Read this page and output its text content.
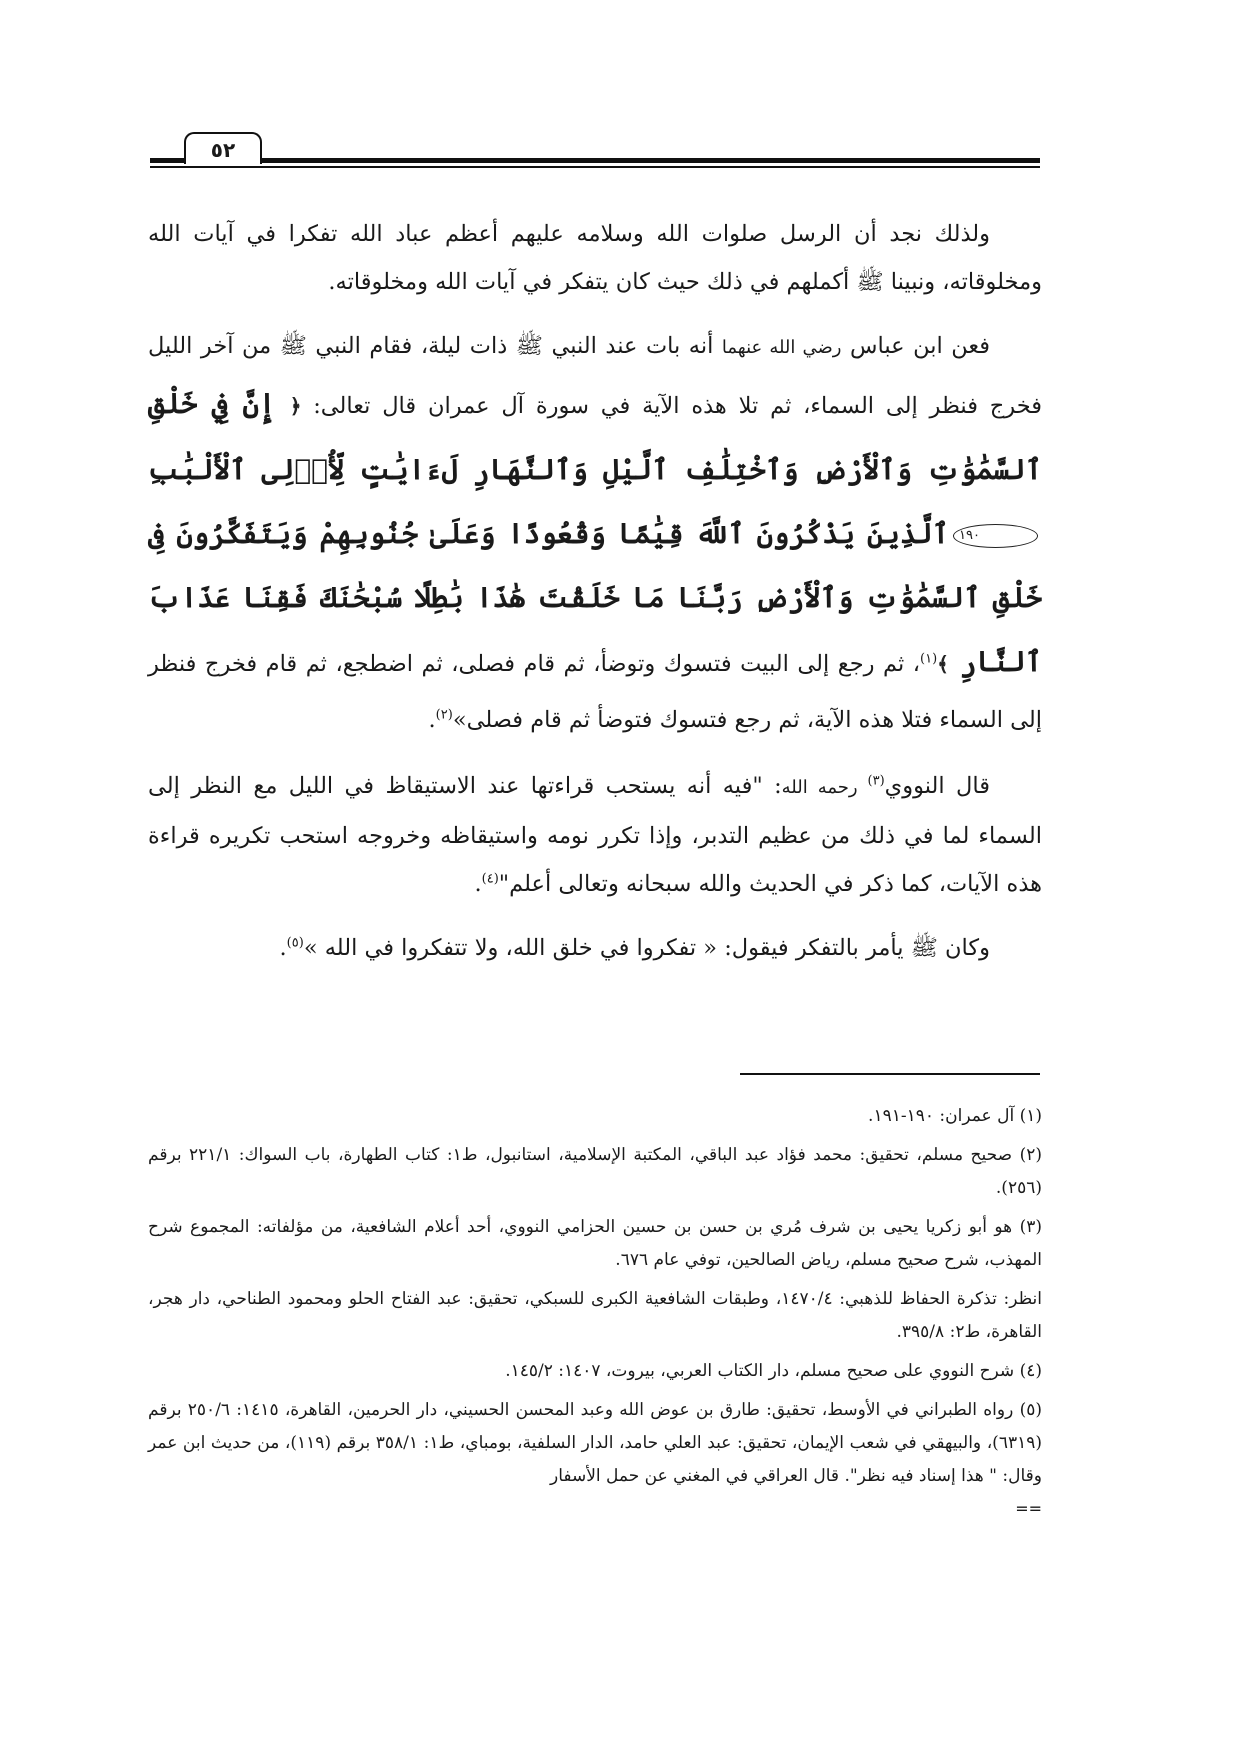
٥٢

ولذلك نجد أن الرسل صلوات الله وسلامه عليهم أعظم عباد الله تفكرا في آيات الله ومخلوقاته، ونبينا ﷺ أكملهم في ذلك حيث كان يتفكر في آيات الله ومخلوقاته.

فعن ابن عباس رضي الله عنهما أنه بات عند النبي ﷺ ذات ليلة، فقام النبي ﷺ من آخر الليل فخرج فنظر إلى السماء، ثم تلا هذه الآية في سورة آل عمران قال تعالى: ﴿ إِنَّ فِي خَلْقِ ٱلسَّمَٰوَٰتِ وَٱلْأَرْضِ وَٱخْتِلَٰفِ ٱلَّيْلِ وَٱلنَّهَارِ لَءَايَٰتٍ لِّأُو۟لِى ٱلْأَلْبَٰبِ١٩٠ٱلَّذِينَ يَذْكُرُونَ ٱللَّهَ قِيَٰمًا وَقُعُودًا وَعَلَىٰ جُنُوبِهِمْ وَيَتَفَكَّرُونَ فِى خَلْقِ ٱلسَّمَٰوَٰتِ وَٱلْأَرْضِ رَبَّنَا مَا خَلَقْتَ هَٰذَا بَٰطِلًا سُبْحَٰنَكَ فَقِنَا عَذَابَ ٱلنَّارِ ﴾$^{(١)}$، ثم رجع إلى البيت فتسوك وتوضأ، ثم قام فصلى، ثم اضطجع، ثم قام فخرج فنظر إلى السماء فتلا هذه الآية، ثم رجع فتسوك فتوضأ ثم قام فصلى»$^{(٢)}$.

قال النووي$^{(٣)}$ رحمه الله: "فيه أنه يستحب قراءتها عند الاستيقاظ في الليل مع النظر إلى السماء لما في ذلك من عظيم التدبر، وإذا تكرر نومه واستيقاظه وخروجه استحب تكريره قراءة هذه الآيات، كما ذكر في الحديث والله سبحانه وتعالى أعلم"$^{(٤)}$.

وكان ﷺ يأمر بالتفكر فيقول: « تفكروا في خلق الله، ولا تتفكروا في الله »$^{(٥)}$.

(١) آل عمران: ١٩٠-١٩١.

(٢) صحيح مسلم، تحقيق: محمد فؤاد عبد الباقي، المكتبة الإسلامية، استانبول، ط١: كتاب الطهارة، باب السواك: ٢٢١/١ برقم (٢٥٦).

(٣) هو أبو زكريا يحيى بن شرف مُري بن حسن بن حسين الحزامي النووي، أحد أعلام الشافعية، من مؤلفاته: المجموع شرح المهذب، شرح صحيح مسلم، رياض الصالحين، توفي عام ٦٧٦.

انظر: تذكرة الحفاظ للذهبي: ١٤٧٠/٤، وطبقات الشافعية الكبرى للسبكي، تحقيق: عبد الفتاح الحلو ومحمود الطناحي، دار هجر، القاهرة، ط٢: ٣٩٥/٨.

(٤) شرح النووي على صحيح مسلم، دار الكتاب العربي، بيروت، ١٤٠٧: ١٤٥/٢.

(٥) رواه الطبراني في الأوسط، تحقيق: طارق بن عوض الله وعبد المحسن الحسيني، دار الحرمين، القاهرة، ١٤١٥: ٢٥٠/٦ برقم (٦٣١٩)، والبيهقي في شعب الإيمان، تحقيق: عبد العلي حامد، الدار السلفية، بومباي، ط١: ٣٥٨/١ برقم (١١٩)، من حديث ابن عمر وقال: " هذا إسناد فيه نظر". قال العراقي في المغني عن حمل الأسفار

==
